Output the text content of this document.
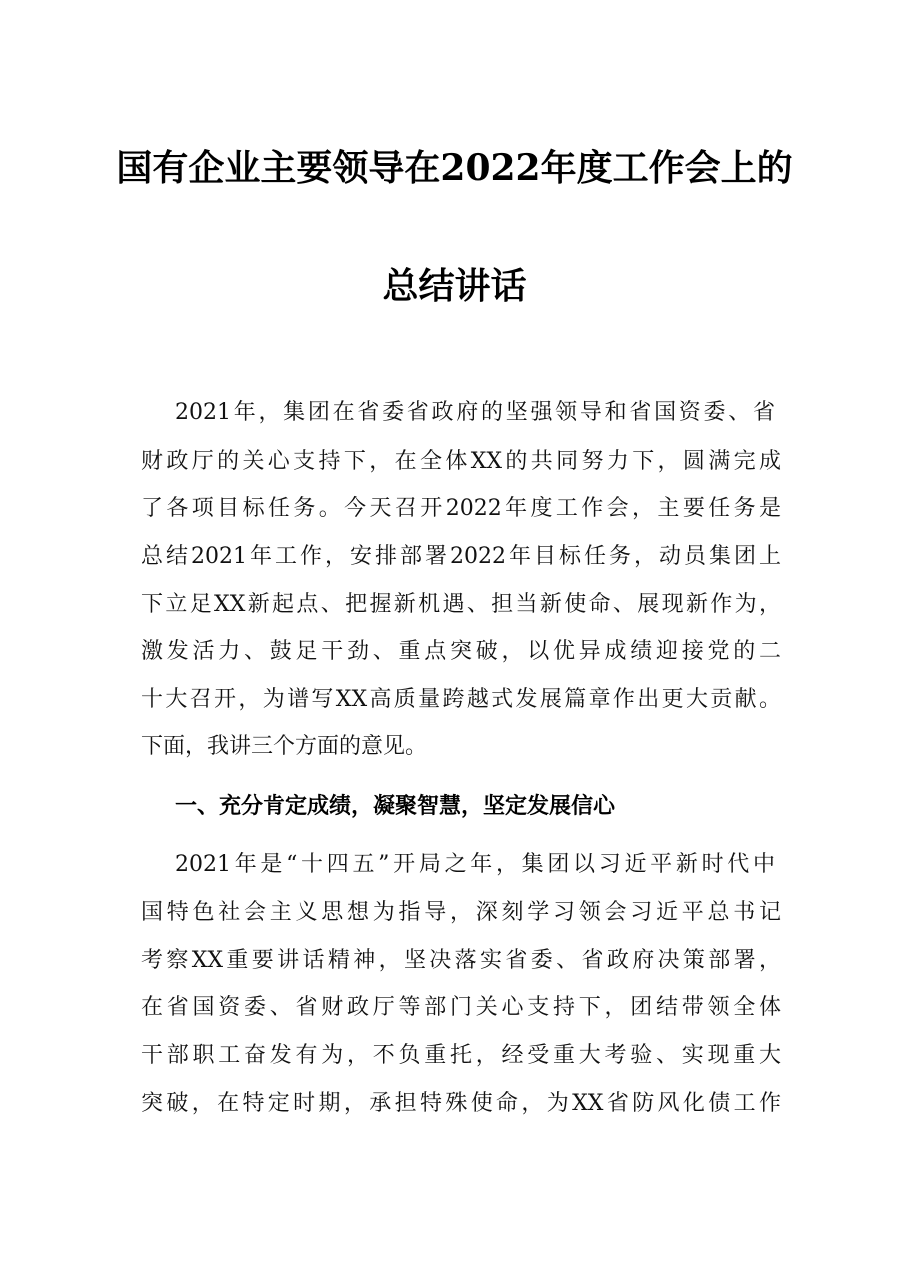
国有企业主要领导在2022年度工作会上的
总结讲话
2021年，集团在省委省政府的坚强领导和省国资委、省
财政厅的关心支持下，在全体XX的共同努力下，圆满完成
了各项目标任务。今天召开2022年度工作会，主要任务是
总结2021年工作，安排部署2022年目标任务，动员集团上
下立足XX新起点、把握新机遇、担当新使命、展现新作为，
激发活力、鼓足干劲、重点突破，以优异成绩迎接党的二
十大召开，为谱写XX高质量跨越式发展篇章作出更大贡献。
下面，我讲三个方面的意见。
一、充分肯定成绩，凝聚智慧，坚定发展信心
2021年是“十四五”开局之年，集团以习近平新时代中
国特色社会主义思想为指导，深刻学习领会习近平总书记
考察XX重要讲话精神，坚决落实省委、省政府决策部署，
在省国资委、省财政厅等部门关心支持下，团结带领全体
干部职工奋发有为，不负重托，经受重大考验、实现重大
突破，在特定时期，承担特殊使命，为XX省防风化债工作
